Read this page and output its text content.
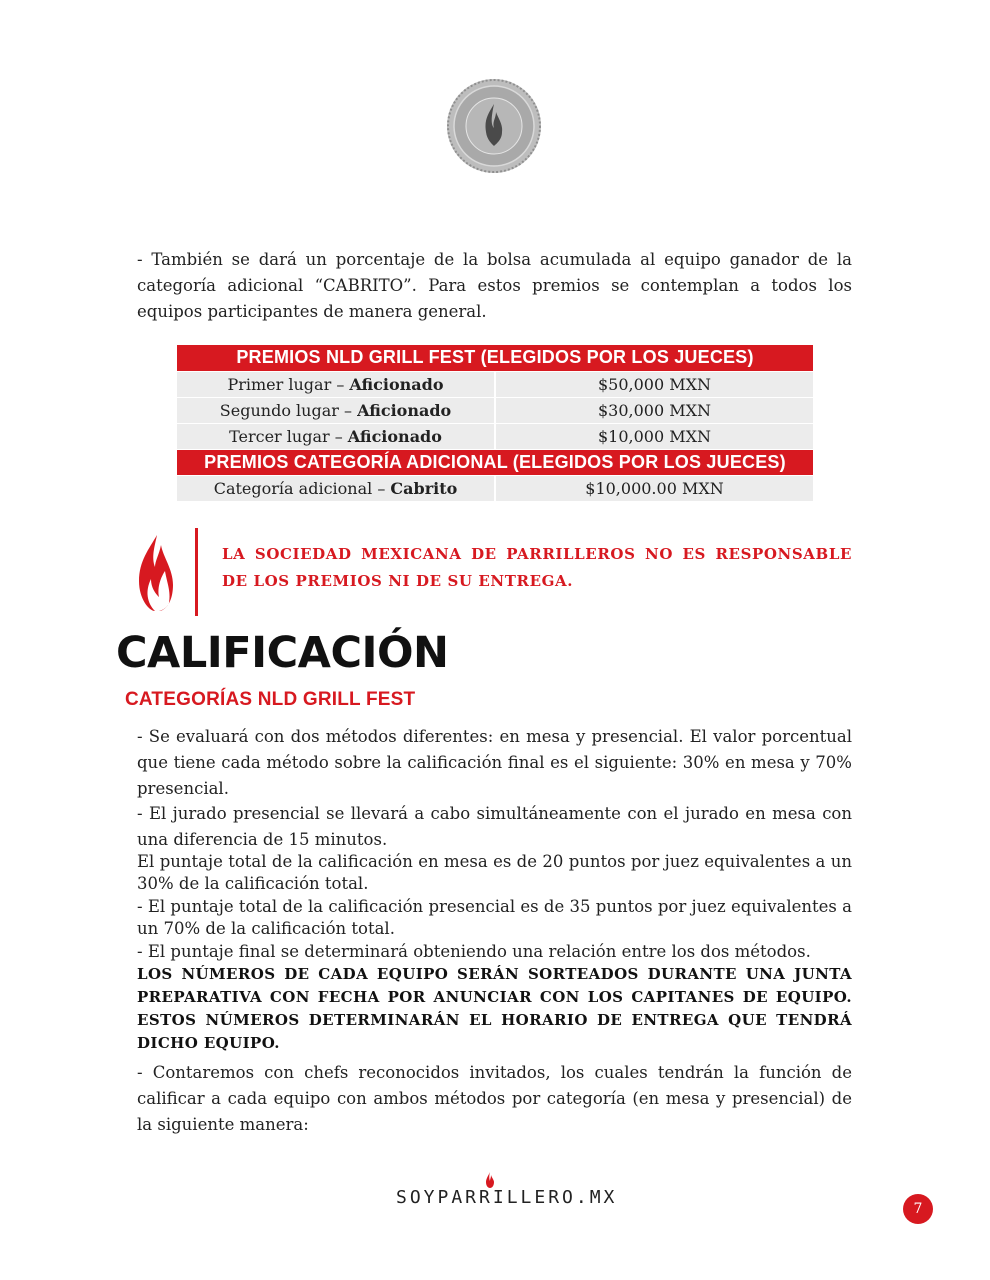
- También se dará un porcentaje de la bolsa acumulada al equipo ganador de la categoría adicional “CABRITO”. Para estos premios se contemplan a todos los equipos participantes de manera general.

PREMIOS NLD GRILL FEST (ELEGIDOS POR LOS JUECES)	
Primer lugar – Aficionado	$50,000 MXN
Segundo lugar – Aficionado	$30,000 MXN
Tercer lugar – Aficionado	$10,000 MXN
PREMIOS CATEGORÍA ADICIONAL (ELEGIDOS POR LOS JUECES)	
Categoría adicional – Cabrito	$10,000.00 MXN

LA SOCIEDAD MEXICANA DE PARRILLEROS NO ES RESPONSABLE DE LOS PREMIOS NI DE SU ENTREGA.

CALIFICACIÓN
CATEGORÍAS NLD GRILL FEST

- Se evaluará con dos métodos diferentes: en mesa y presencial. El valor porcentual que tiene cada método sobre la calificación final es el siguiente: 30% en mesa y 70% presencial.

- El jurado presencial se llevará a cabo simultáneamente con el jurado en mesa con una diferencia de 15 minutos.

El puntaje total de la calificación en mesa es de 20 puntos por juez equivalentes a un 30% de la calificación total.

- El puntaje total de la calificación presencial es de 35 puntos por juez equivalentes a un 70% de la calificación total.

- El puntaje final se determinará obteniendo una relación entre los dos métodos.

LOS NÚMEROS DE CADA EQUIPO SERÁN SORTEADOS DURANTE UNA JUNTA PREPARATIVA CON FECHA POR ANUNCIAR CON LOS CAPITANES DE EQUIPO. ESTOS NÚMEROS DETERMINARÁN EL HORARIO DE ENTREGA QUE TENDRÁ DICHO EQUIPO.

- Contaremos con chefs reconocidos invitados, los cuales tendrán la función de calificar a cada equipo con ambos métodos por categoría (en mesa y presencial) de la siguiente manera:

SOYPARRILLERO.MX
7
